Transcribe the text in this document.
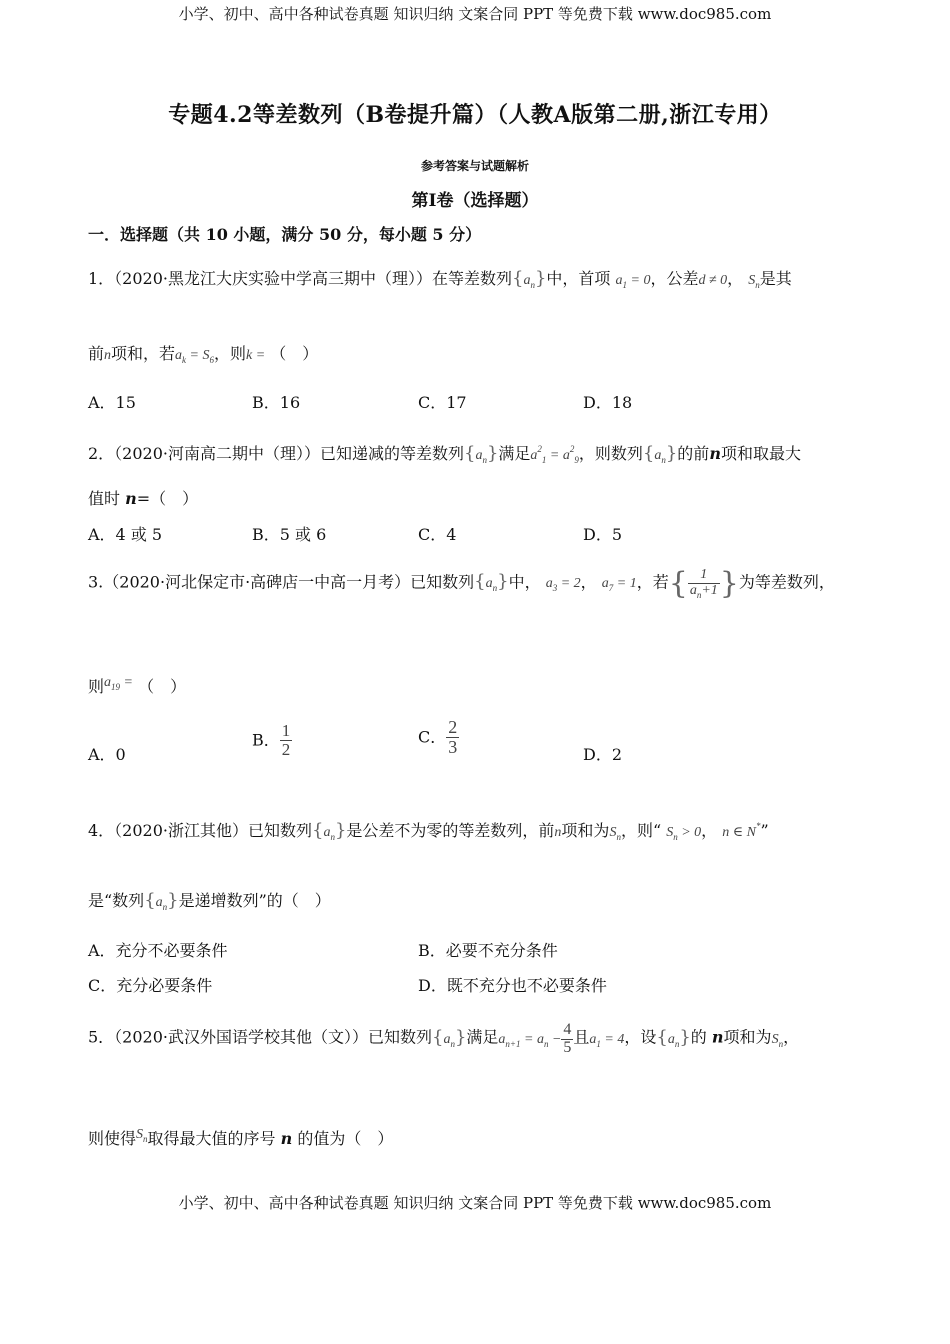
小学、初中、高中各种试卷真题 知识归纳 文案合同 PPT 等免费下载 www.doc985.com
小学、初中、高中各种试卷真题 知识归纳 文案合同 PPT 等免费下载 www.doc985.com
专题4.2等差数列（B卷提升篇）（人教A版第二册,浙江专用）
参考答案与试题解析
第Ⅰ卷（选择题）
一．选择题（共 10 小题，满分 50 分，每小题 5 分）
1．（2020·黑龙江大庆实验中学高三期中（理））在等差数列$\{a_n\}$中，首项 $a_1 = 0$，公差d ≠ 0， $S_n$是其
前n项和，若$a_k = S_6$，则k = （　）
A．15	B．16	C．17	D．18
2．（2020·河南高二期中（理））已知递减的等差数列$\{a_n\}$满足$a^2_1 = a^2_9$，则数列$\{a_n\}$的前n项和取最大
值时 n=（　）
A．4 或 5	B．5 或 6	C．4	D．5
3.（2020·河北保定市·高碑店一中高一月考）已知数列$\{a_n\}$中， $a_3 = 2$， $a_7 = 1$，若{ $\frac{1}{a_n+1}$ }为等差数列，
则$a_{19}$ = （　）
A．0
B． $\frac{1}{2}$	C． $\frac{2}{3}$	D．2
4．（2020·浙江其他）已知数列$\{a_n\}$是公差不为零的等差数列，前n项和为$S_n$，则“ $S_n > 0$， n ∈ N*”
是“数列$\{a_n\}$是递增数列”的（　）
A．充分不必要条件	B．必要不充分条件
C．充分必要条件	D．既不充分也不必要条件
5．（2020·武汉外国语学校其他（文））已知数列$\{a_n\}$满足$a_{n+1} = a_n - \frac{4}{5}$ 且$a_1 = 4$，设$\{a_n\}$的 n项和为$S_n$，
则使得$S_n$取得最大值的序号 n 的值为（　）
